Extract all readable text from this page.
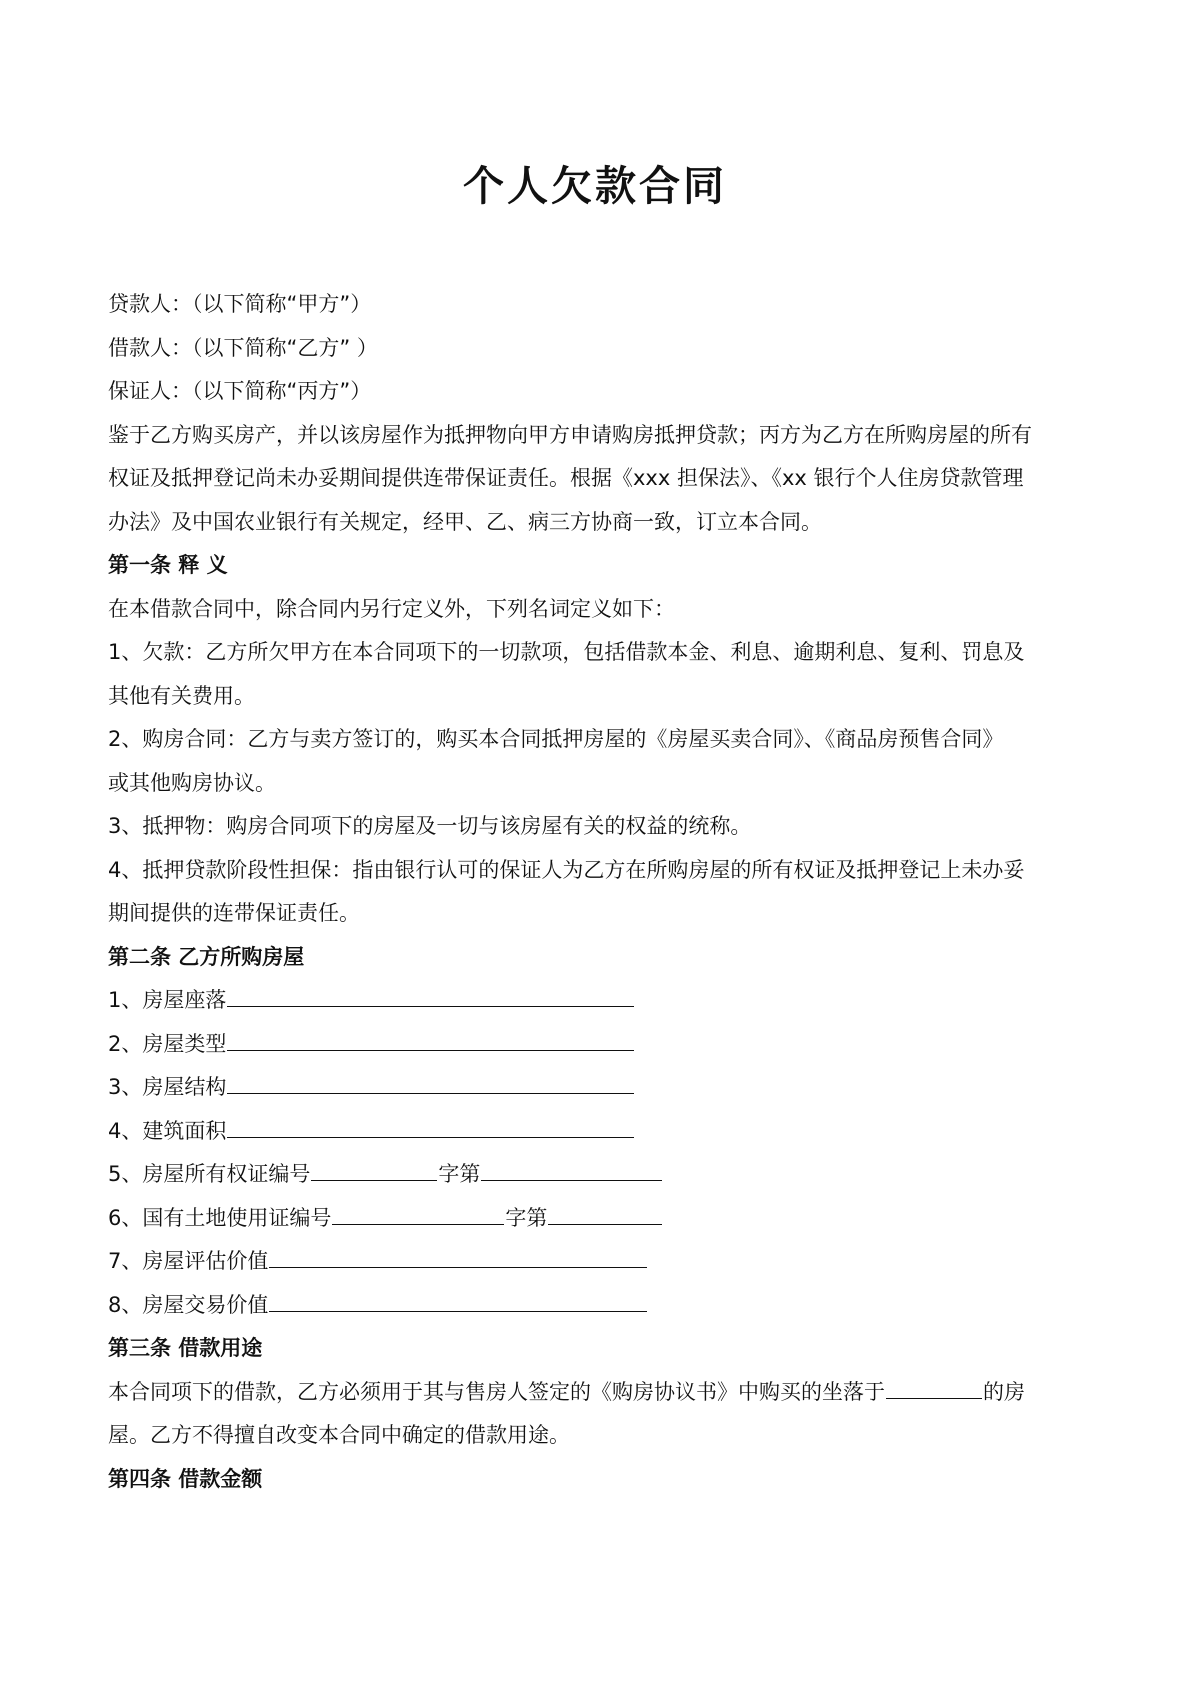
个人欠款合同
贷款人：（以下简称“甲方”）
借款人：（以下简称“乙方” ）
保证人：（以下简称“丙方”）
鉴于乙方购买房产，并以该房屋作为抵押物向甲方申请购房抵押贷款；丙方为乙方在所购房屋的所有
权证及抵押登记尚未办妥期间提供连带保证责任。根据《xxx 担保法》、《xx 银行个人住房贷款管理
办法》及中国农业银行有关规定，经甲、乙、病三方协商一致，订立本合同。
第一条 释 义
在本借款合同中，除合同内另行定义外，下列名词定义如下：
1、欠款：乙方所欠甲方在本合同项下的一切款项，包括借款本金、利息、逾期利息、复利、罚息及
其他有关费用。
2、购房合同：乙方与卖方签订的，购买本合同抵押房屋的《房屋买卖合同》、《商品房预售合同》
或其他购房协议。
3、抵押物：购房合同项下的房屋及一切与该房屋有关的权益的统称。
4、抵押贷款阶段性担保：指由银行认可的保证人为乙方在所购房屋的所有权证及抵押登记上未办妥
期间提供的连带保证责任。
第二条 乙方所购房屋
1、房屋座落
2、房屋类型
3、房屋结构
4、建筑面积
5、房屋所有权证编号	字第
6、国有土地使用证编号	字第
7、房屋评估价值
8、房屋交易价值
第三条 借款用途
本合同项下的借款，乙方必须用于其与售房人签定的《购房协议书》中购买的坐落于	的房
屋。乙方不得擅自改变本合同中确定的借款用途。
第四条 借款金额
